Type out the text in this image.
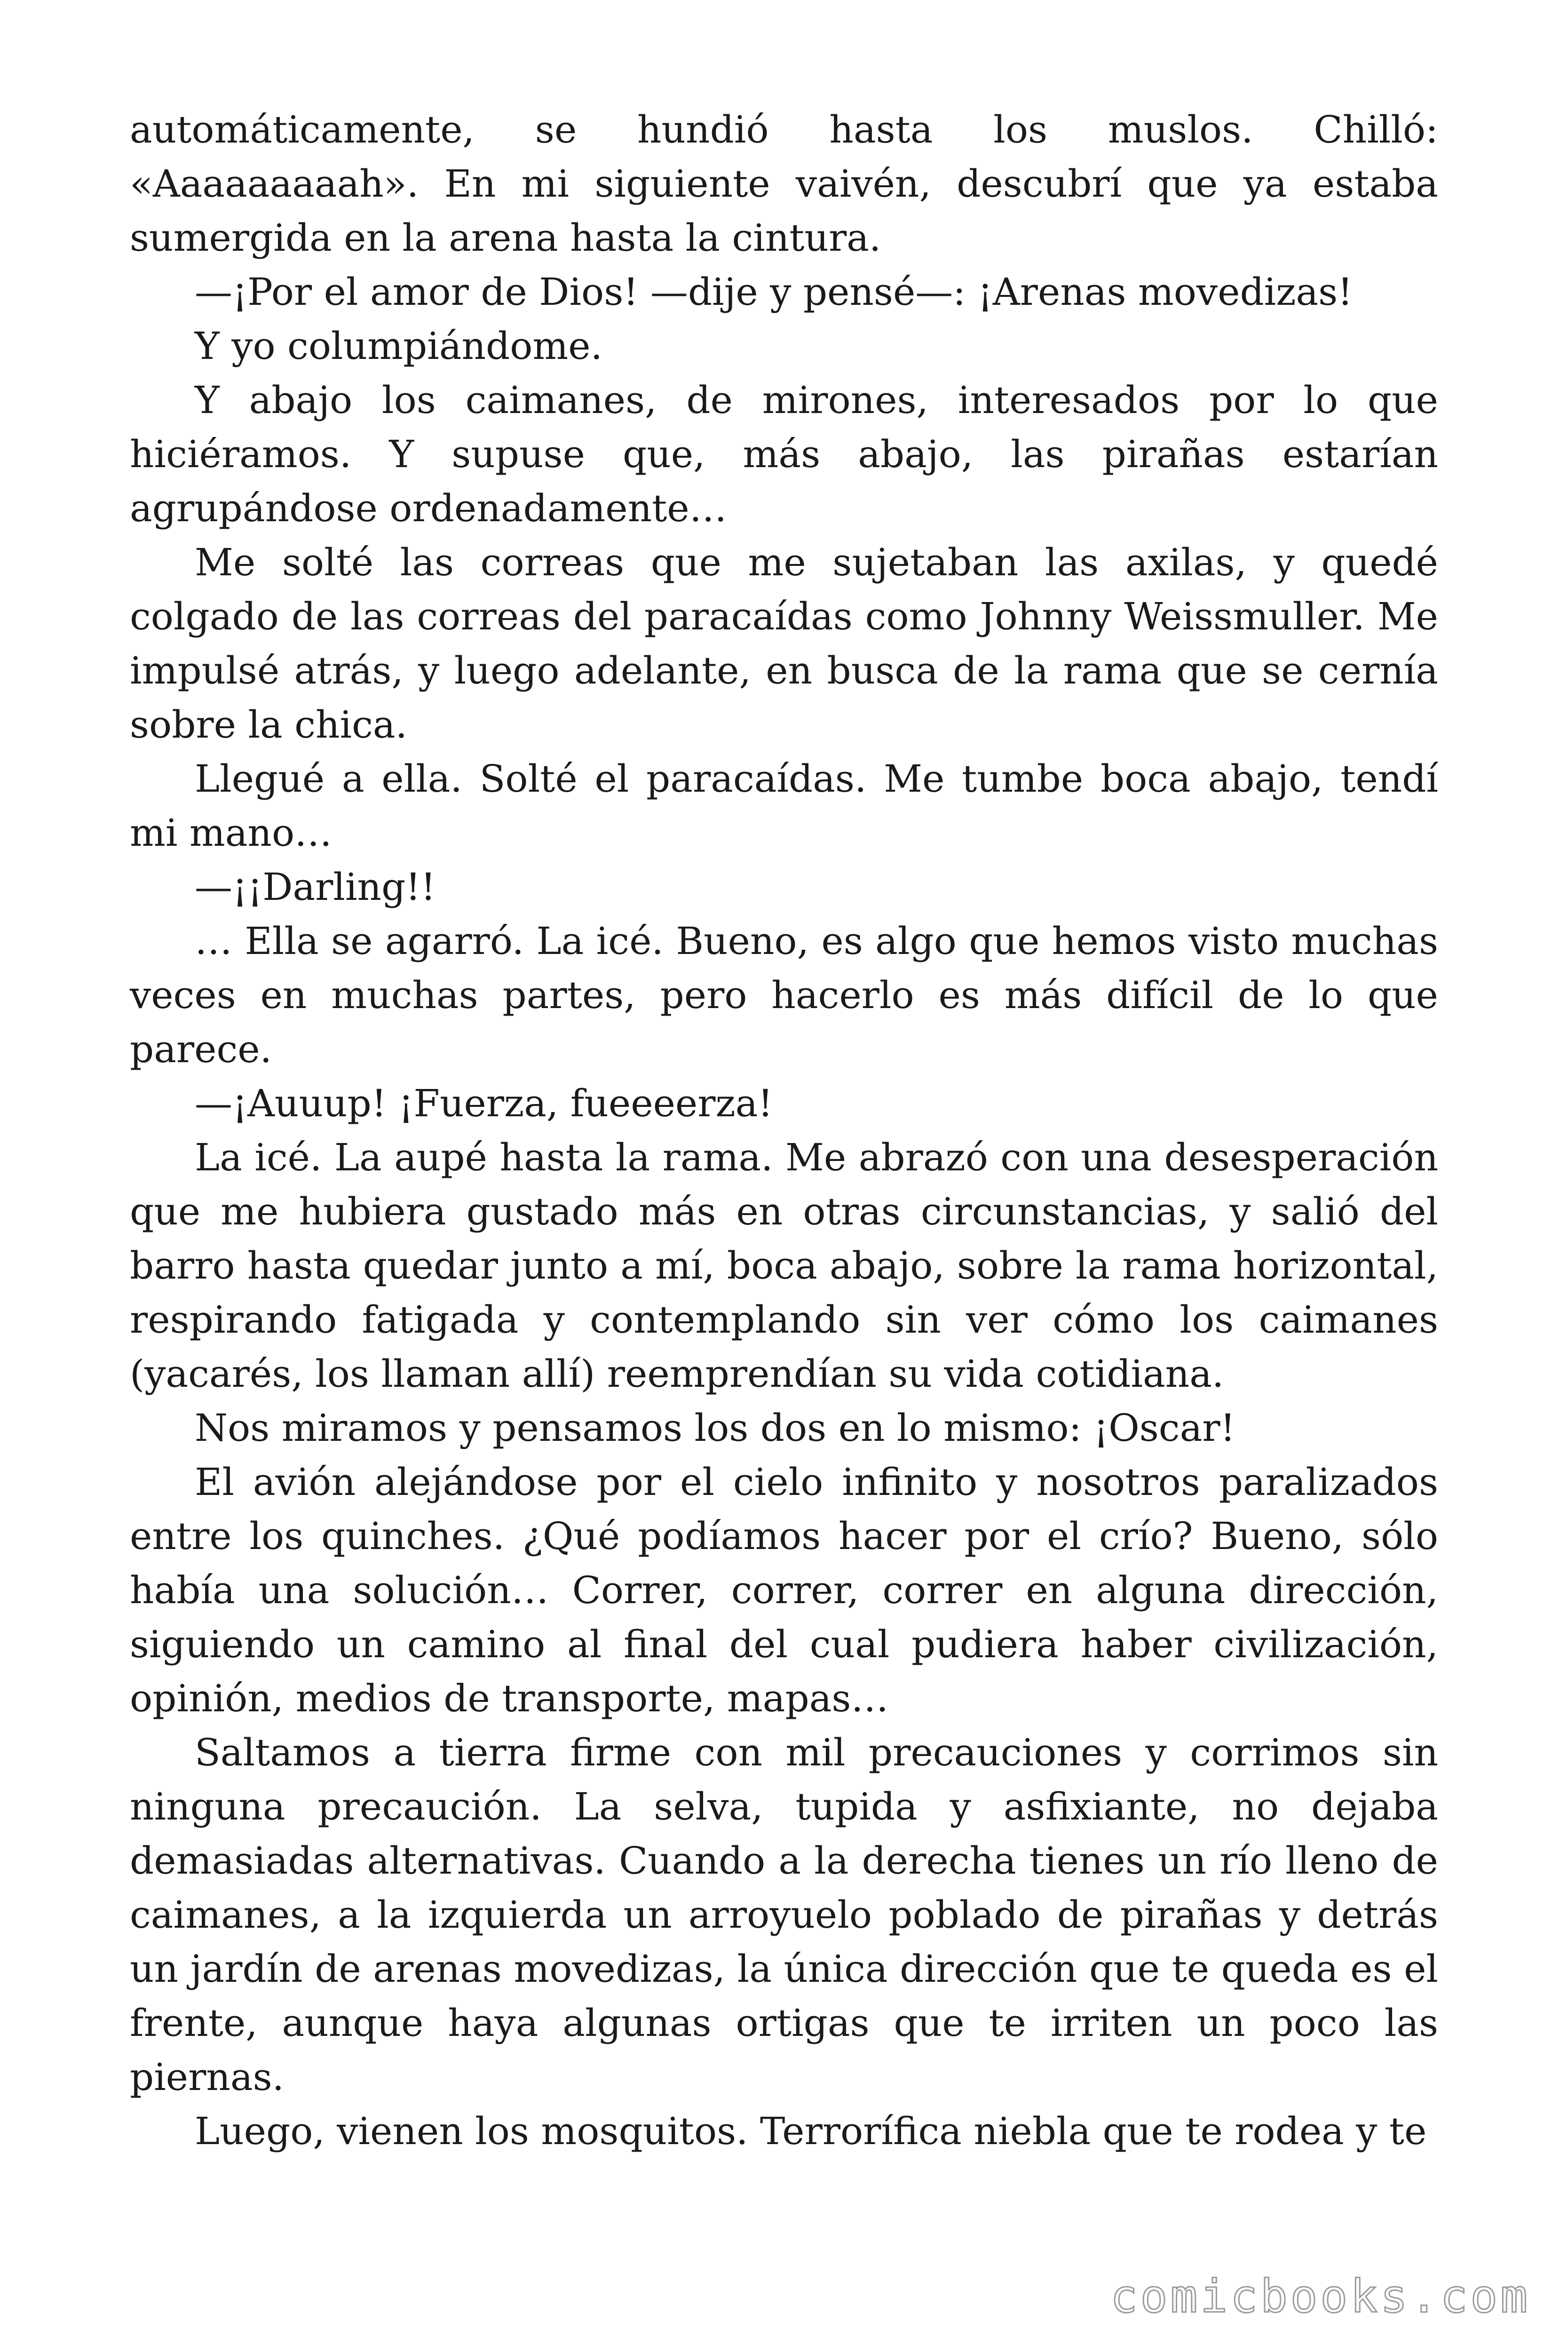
automáticamente, se hundió hasta los muslos. Chilló: «Aaaaaaaaah». En mi siguiente vaivén, descubrí que ya estaba sumergida en la arena hasta la cintura.

—¡Por el amor de Dios! —dije y pensé—: ¡Arenas movedizas!

Y yo columpiándome.

Y abajo los caimanes, de mirones, interesados por lo que hiciéramos. Y supuse que, más abajo, las pirañas estarían agrupándose ordenadamente…

Me solté las correas que me sujetaban las axilas, y quedé colgado de las correas del paracaídas como Johnny Weissmuller. Me impulsé atrás, y luego adelante, en busca de la rama que se cernía sobre la chica.

Llegué a ella. Solté el paracaídas. Me tumbe boca abajo, tendí mi mano…

—¡¡Darling!!

… Ella se agarró. La icé. Bueno, es algo que hemos visto muchas veces en muchas partes, pero hacerlo es más difícil de lo que parece.

—¡Auuup! ¡Fuerza, fueeeerza!

La icé. La aupé hasta la rama. Me abrazó con una desesperación que me hubiera gustado más en otras circunstancias, y salió del barro hasta quedar junto a mí, boca abajo, sobre la rama horizontal, respirando fatigada y contemplando sin ver cómo los caimanes (yacarés, los llaman allí) reemprendían su vida cotidiana.

Nos miramos y pensamos los dos en lo mismo: ¡Oscar!

El avión alejándose por el cielo infinito y nosotros paralizados entre los quinches. ¿Qué podíamos hacer por el crío? Bueno, sólo había una solución… Correr, correr, correr en alguna dirección, siguiendo un camino al final del cual pudiera haber civilización, opinión, medios de transporte, mapas…

Saltamos a tierra firme con mil precauciones y corrimos sin ninguna precaución. La selva, tupida y asfixiante, no dejaba demasiadas alternativas. Cuando a la derecha tienes un río lleno de caimanes, a la izquierda un arroyuelo poblado de pirañas y detrás un jardín de arenas movedizas, la única dirección que te queda es el frente, aunque haya algunas ortigas que te irriten un poco las piernas.

Luego, vienen los mosquitos. Terrorífica niebla que te rodea y te

comicbooks.com
